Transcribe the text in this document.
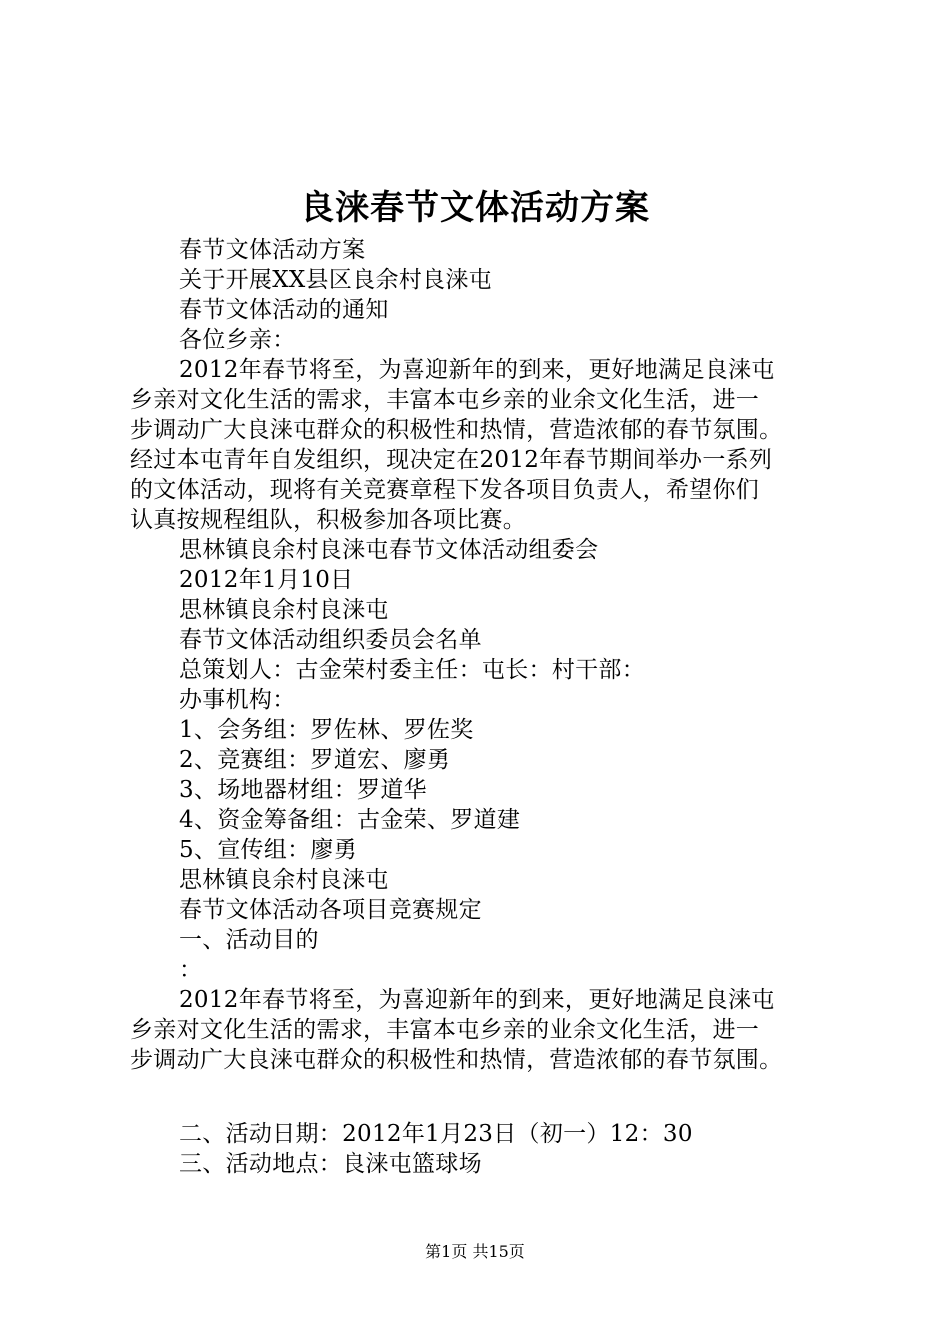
良涞春节文体活动方案
春节文体活动方案
关于开展XX县区良余村良涞屯
春节文体活动的通知
各位乡亲：
2012年春节将至，为喜迎新年的到来，更好地满足良涞屯
乡亲对文化生活的需求，丰富本屯乡亲的业余文化生活，进一
步调动广大良涞屯群众的积极性和热情，营造浓郁的春节氛围。
经过本屯青年自发组织，现决定在2012年春节期间举办一系列
的文体活动，现将有关竞赛章程下发各项目负责人，希望你们
认真按规程组队，积极参加各项比赛。
思林镇良余村良涞屯春节文体活动组委会
2012年1月10日
思林镇良余村良涞屯
春节文体活动组织委员会名单
总策划人：古金荣村委主任：屯长：村干部：
办事机构：
1、会务组：罗佐林、罗佐奖
2、竞赛组：罗道宏、廖勇
3、场地器材组：罗道华
4、资金筹备组：古金荣、罗道建
5、宣传组：廖勇
思林镇良余村良涞屯
春节文体活动各项目竞赛规定
一、活动目的
：
2012年春节将至，为喜迎新年的到来，更好地满足良涞屯
乡亲对文化生活的需求，丰富本屯乡亲的业余文化生活，进一
步调动广大良涞屯群众的积极性和热情，营造浓郁的春节氛围。
二、活动日期：2012年1月23日（初一）12：30
三、活动地点：良涞屯篮球场
第1页 共15页
